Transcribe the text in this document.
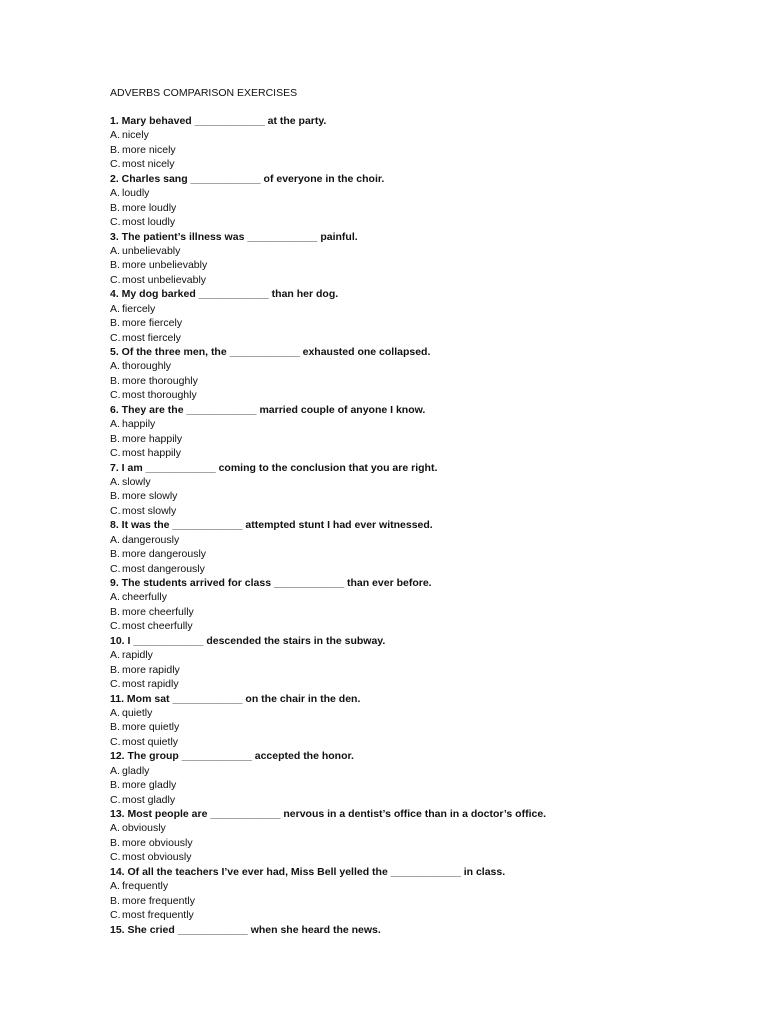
ADVERBS COMPARISON EXERCISES
1. Mary behaved ____________ at the party.
A. nicely
B. more nicely
C. most nicely
2. Charles sang ____________ of everyone in the choir.
A. loudly
B. more loudly
C. most loudly
3. The patient’s illness was ____________ painful.
A. unbelievably
B. more unbelievably
C. most unbelievably
4. My dog barked ____________ than her dog.
A. fiercely
B. more fiercely
C. most fiercely
5. Of the three men, the ____________ exhausted one collapsed.
A. thoroughly
B. more thoroughly
C. most thoroughly
6. They are the ____________ married couple of anyone I know.
A. happily
B. more happily
C. most happily
7. I am ____________ coming to the conclusion that you are right.
A. slowly
B. more slowly
C. most slowly
8. It was the ____________ attempted stunt I had ever witnessed.
A. dangerously
B. more dangerously
C. most dangerously
9. The students arrived for class ____________ than ever before.
A. cheerfully
B. more cheerfully
C. most cheerfully
10. I ____________ descended the stairs in the subway.
A. rapidly
B. more rapidly
C. most rapidly
11. Mom sat ____________ on the chair in the den.
A. quietly
B. more quietly
C. most quietly
12. The group ____________ accepted the honor.
A. gladly
B. more gladly
C. most gladly
13. Most people are ____________ nervous in a dentist’s office than in a doctor’s office.
A. obviously
B. more obviously
C. most obviously
14. Of all the teachers I’ve ever had, Miss Bell yelled the ____________ in class.
A. frequently
B. more frequently
C. most frequently
15. She cried ____________ when she heard the news.
